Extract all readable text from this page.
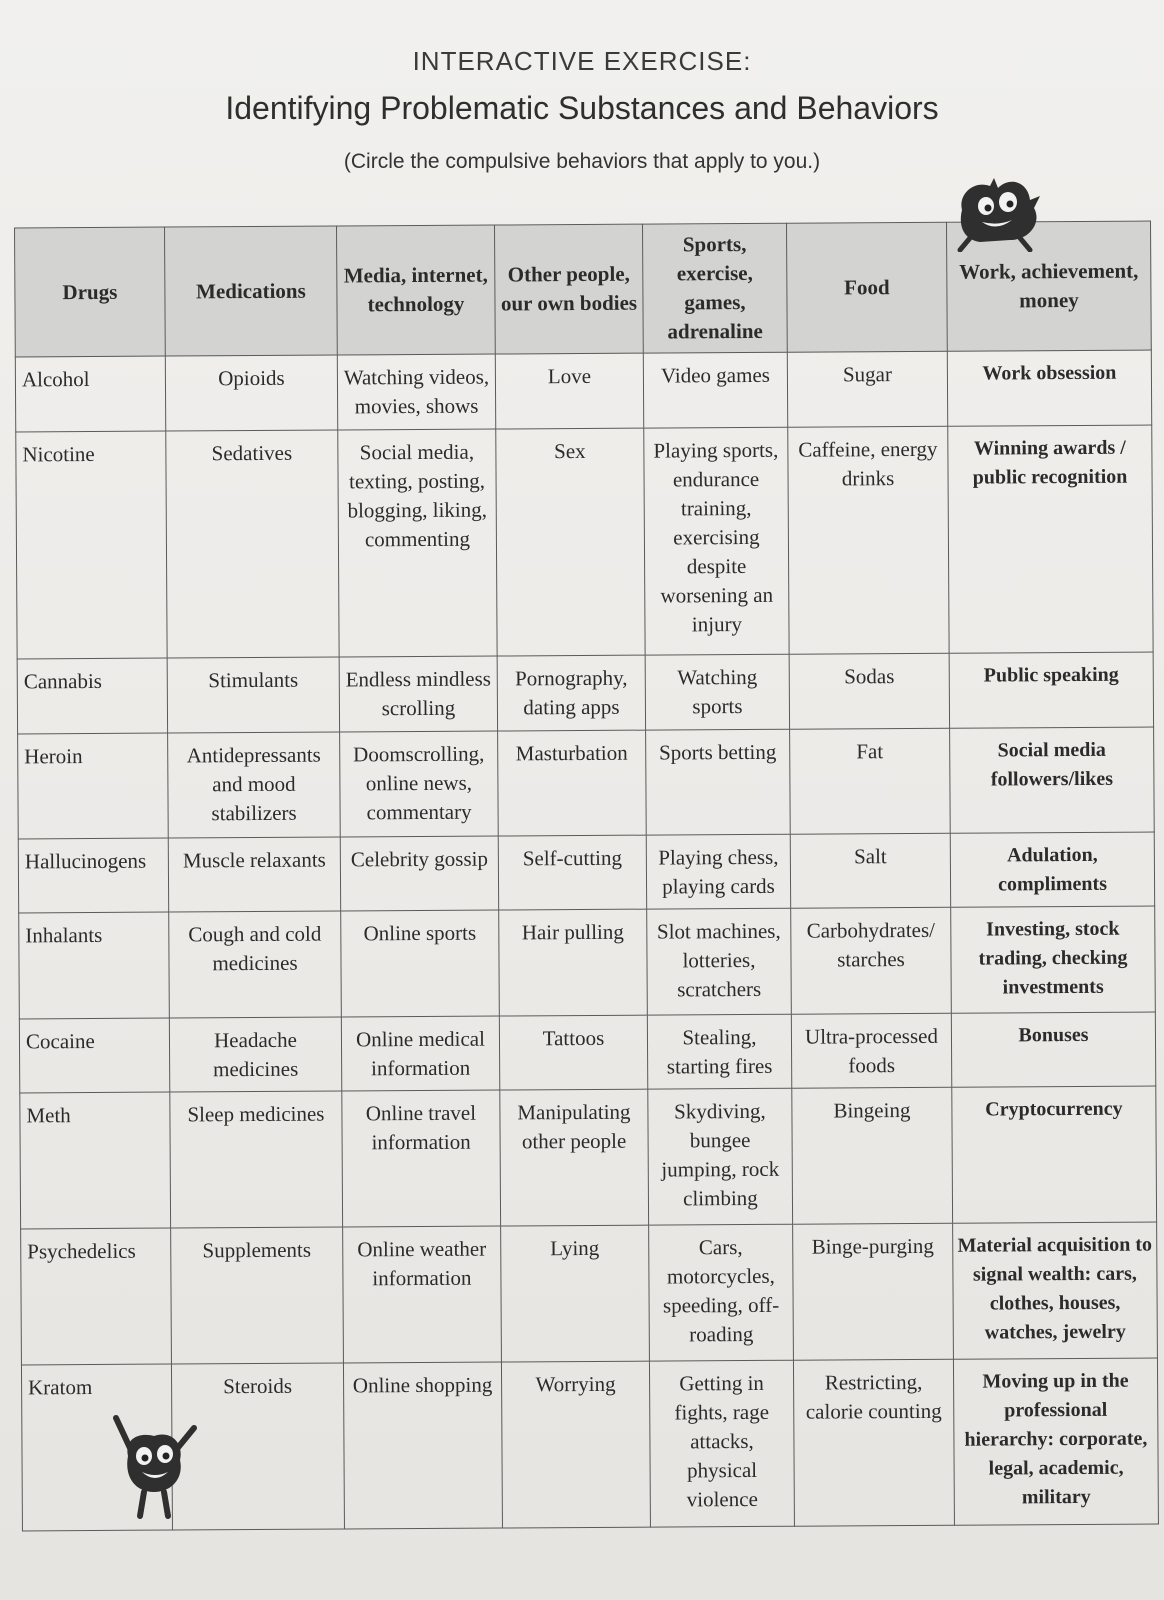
INTERACTIVE EXERCISE:
Identifying Problematic Substances and Behaviors
(Circle the compulsive behaviors that apply to you.)
Drugs	Medications	Media, internet, technology	Other people, our own bodies	Sports, exercise, games, adrenaline	Food	Work, achievement, money
Alcohol	Opioids	Watching videos, movies, shows	Love	Video games	Sugar	Work obsession
Nicotine	Sedatives	Social media, texting, posting, blogging, liking, commenting	Sex	Playing sports, endurance training, exercising despite worsening an injury	Caffeine, energy drinks	Winning awards / public recognition
Cannabis	Stimulants	Endless mindless scrolling	Pornography, dating apps	Watching sports	Sodas	Public speaking
Heroin	Antidepressants and mood stabilizers	Doomscrolling, online news, commentary	Masturbation	Sports betting	Fat	Social media followers/likes
Hallucinogens	Muscle relaxants	Celebrity gossip	Self-cutting	Playing chess, playing cards	Salt	Adulation, compliments
Inhalants	Cough and cold medicines	Online sports	Hair pulling	Slot machines, lotteries, scratchers	Carbohydrates/ starches	Investing, stock trading, checking investments
Cocaine	Headache medicines	Online medical information	Tattoos	Stealing, starting fires	Ultra-processed foods	Bonuses
Meth	Sleep medicines	Online travel information	Manipulating other people	Skydiving, bungee jumping, rock climbing	Bingeing	Cryptocurrency
Psychedelics	Supplements	Online weather information	Lying	Cars, motorcycles, speeding, off-roading	Binge-purging	Material acquisition to signal wealth: cars, clothes, houses, watches, jewelry
Kratom	Steroids	Online shopping	Worrying	Getting in fights, rage attacks, physical violence	Restricting, calorie counting	Moving up in the professional hierarchy: corporate, legal, academic, military
